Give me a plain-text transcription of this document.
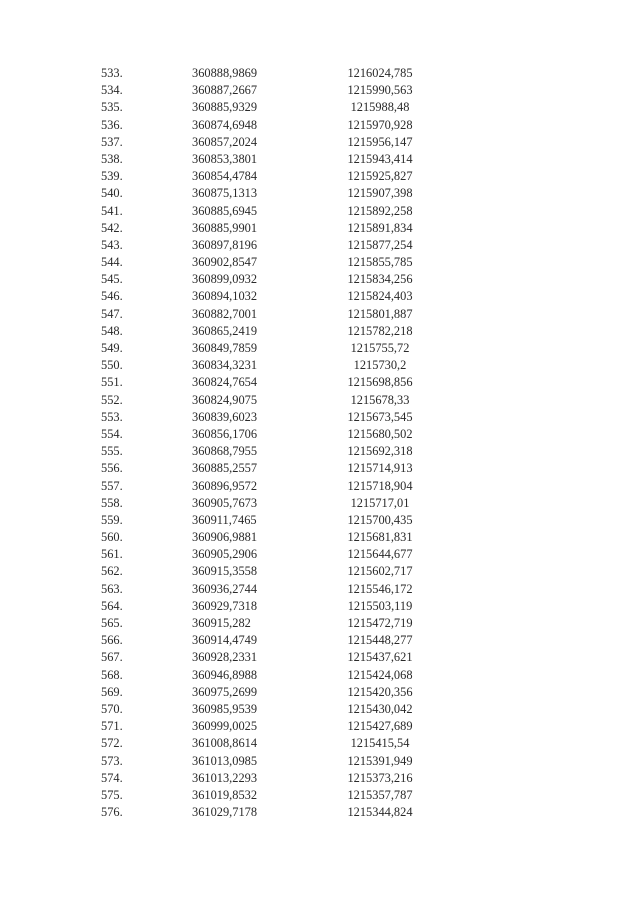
533.	360888,9869	1216024,785
534.	360887,2667	1215990,563
535.	360885,9329	1215988,48
536.	360874,6948	1215970,928
537.	360857,2024	1215956,147
538.	360853,3801	1215943,414
539.	360854,4784	1215925,827
540.	360875,1313	1215907,398
541.	360885,6945	1215892,258
542.	360885,9901	1215891,834
543.	360897,8196	1215877,254
544.	360902,8547	1215855,785
545.	360899,0932	1215834,256
546.	360894,1032	1215824,403
547.	360882,7001	1215801,887
548.	360865,2419	1215782,218
549.	360849,7859	1215755,72
550.	360834,3231	1215730,2
551.	360824,7654	1215698,856
552.	360824,9075	1215678,33
553.	360839,6023	1215673,545
554.	360856,1706	1215680,502
555.	360868,7955	1215692,318
556.	360885,2557	1215714,913
557.	360896,9572	1215718,904
558.	360905,7673	1215717,01
559.	360911,7465	1215700,435
560.	360906,9881	1215681,831
561.	360905,2906	1215644,677
562.	360915,3558	1215602,717
563.	360936,2744	1215546,172
564.	360929,7318	1215503,119
565.	360915,282	1215472,719
566.	360914,4749	1215448,277
567.	360928,2331	1215437,621
568.	360946,8988	1215424,068
569.	360975,2699	1215420,356
570.	360985,9539	1215430,042
571.	360999,0025	1215427,689
572.	361008,8614	1215415,54
573.	361013,0985	1215391,949
574.	361013,2293	1215373,216
575.	361019,8532	1215357,787
576.	361029,7178	1215344,824
